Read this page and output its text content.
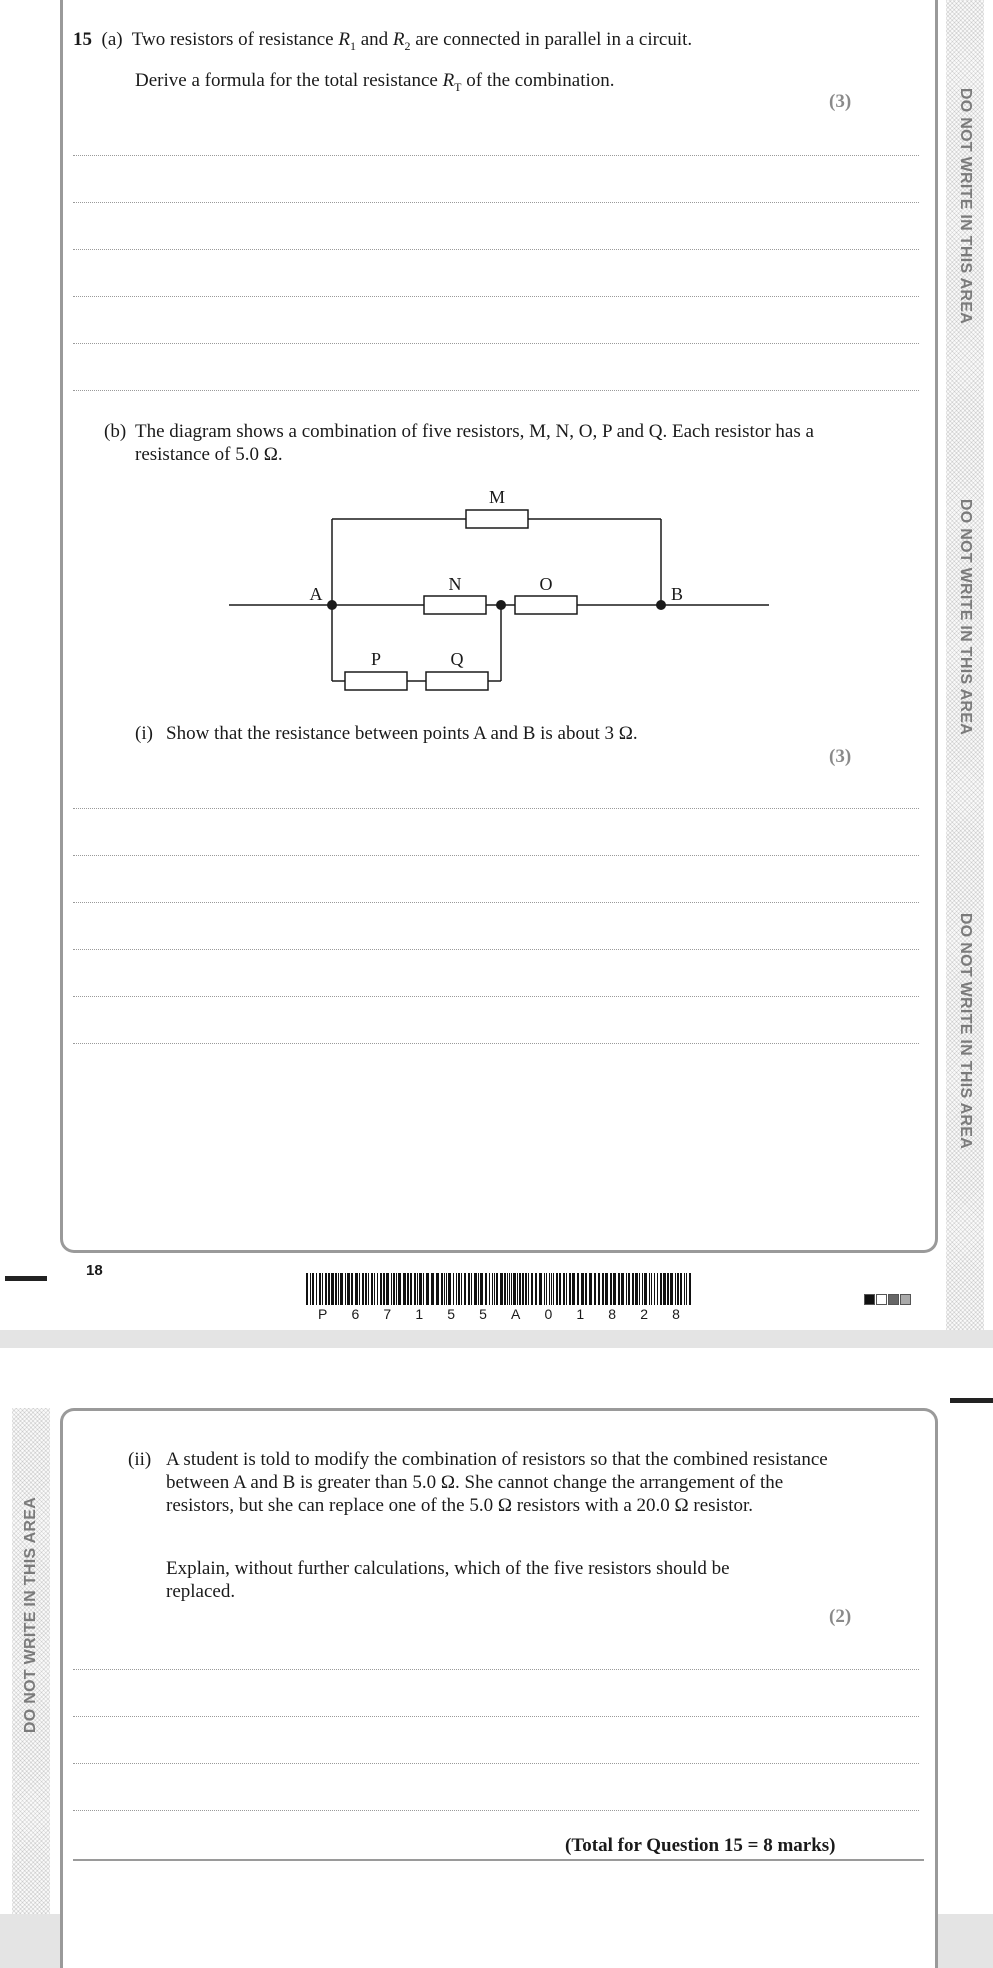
DO NOT WRITE IN THIS AREA
DO NOT WRITE IN THIS AREA
DO NOT WRITE IN THIS AREA
15 (a) Two resistors of resistance $R_1$ and $R_2$ are connected in parallel in a circuit.
Derive a formula for the total resistance $R_T$ of the combination.
(3)
(b) The diagram shows a combination of five resistors, M, N, O, P and Q. Each resistor has a resistance of 5.0 Ω.
M
N	O
P	Q
A	B
(i) Show that the resistance between points A and B is about 3 Ω.
(3)
18
P 6 7 1 5 5 A 0 1 8 2 8
DO NOT WRITE IN THIS AREA
(ii) A student is told to modify the combination of resistors so that the combined resistance between A and B is greater than 5.0 Ω. She cannot change the arrangement of the resistors, but she can replace one of the 5.0 Ω resistors with a 20.0 Ω resistor.
Explain, without further calculations, which of the five resistors should be replaced.
(2)
(Total for Question 15 = 8 marks)
